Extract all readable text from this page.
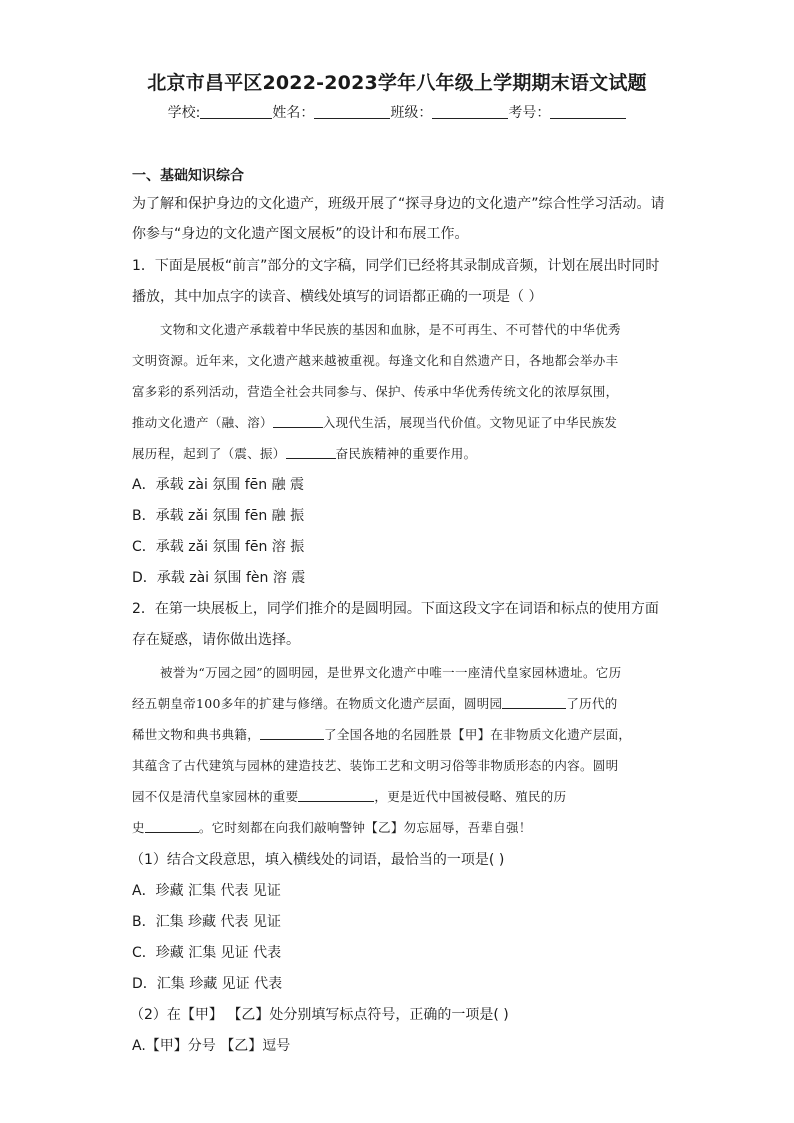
北京市昌平区2022-2023学年八年级上学期期末语文试题
学校:	姓名：	班级：	考号：
一、基础知识综合
为了解和保护身边的文化遗产，班级开展了“探寻身边的文化遗产”综合性学习活动。请
你参与“身边的文化遗产图文展板”的设计和布展工作。
1．下面是展板“前言”部分的文字稿，同学们已经将其录制成音频，计划在展出时同时
播放，其中加点字的读音、横线处填写的词语都正确的一项是（ ）
文物和文化遗产承载着中华民族的基因和血脉，是不可再生、不可替代的中华优秀
文明资源。近年来，文化遗产越来越被重视。每逢文化和自然遗产日，各地都会举办丰
富多彩的系列活动，营造全社会共同参与、保护、传承中华优秀传统文化的浓厚氛围，
推动文化遗产（融、溶）	入现代生活，展现当代价值。文物见证了中华民族发
展历程，起到了（震、振）	奋民族精神的重要作用。
A．承载 zài 氛围 fēn 融 震
B．承载 zǎi 氛围 fēn 融 振
C．承载 zǎi 氛围 fēn 溶 振
D．承载 zài 氛围 fèn 溶 震
2．在第一块展板上，同学们推介的是圆明园。下面这段文字在词语和标点的使用方面
存在疑惑，请你做出选择。
被誉为“万园之园”的圆明园，是世界文化遗产中唯一一座清代皇家园林遗址。它历
经五朝皇帝100多年的扩建与修缮。在物质文化遗产层面，圆明园	了历代的
稀世文物和典书典籍，	了全国各地的名园胜景【甲】在非物质文化遗产层面，
其蕴含了古代建筑与园林的建造技艺、装饰工艺和文明习俗等非物质形态的内容。圆明
园不仅是清代皇家园林的重要	，更是近代中国被侵略、殖民的历
史	。它时刻都在向我们敲响警钟【乙】勿忘屈辱，吾辈自强！
（1）结合文段意思，填入横线处的词语，最恰当的一项是( )
A．珍藏 汇集 代表 见证
B．汇集 珍藏 代表 见证
C．珍藏 汇集 见证 代表
D．汇集 珍藏 见证 代表
（2）在【甲】 【乙】处分别填写标点符号，正确的一项是( )
A.【甲】分号 【乙】逗号
